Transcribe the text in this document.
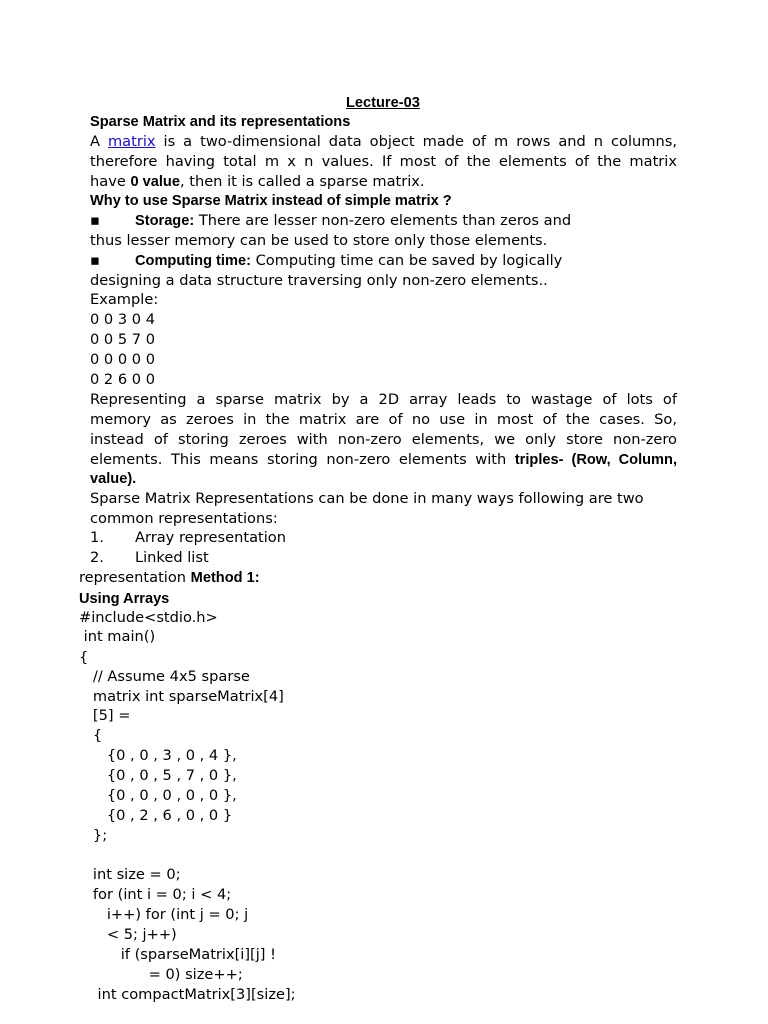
Lecture-03
Sparse Matrix and its representations
A matrix is a two-dimensional data object made of m rows and n columns,
therefore having total m x n values. If most of the elements of the matrix
have 0 value, then it is called a sparse matrix.
Why to use Sparse Matrix instead of simple matrix ?
▪ Storage: There are lesser non-zero elements than zeros and
thus lesser memory can be used to store only those elements.
▪ Computing time: Computing time can be saved by logically
designing a data structure traversing only non-zero elements..
Example:
0 0 3 0 4
0 0 5 7 0
0 0 0 0 0
0 2 6 0 0
Representing a sparse matrix by a 2D array leads to wastage of lots of
memory as zeroes in the matrix are of no use in most of the cases. So,
instead of storing zeroes with non-zero elements, we only store non-zero
elements. This means storing non-zero elements with triples- (Row, Column,
value).
Sparse Matrix Representations can be done in many ways following are two
common representations:
1. Array representation
2. Linked list
representation Method 1:
Using Arrays
#include<stdio.h>
int main()
{
// Assume 4x5 sparse
matrix int sparseMatrix[4]
[5] =
{
{0 , 0 , 3 , 0 , 4 },
{0 , 0 , 5 , 7 , 0 },
{0 , 0 , 0 , 0 , 0 },
{0 , 2 , 6 , 0 , 0 }
};
int size = 0;
for (int i = 0; i < 4;
i++) for (int j = 0; j
< 5; j++)
if (sparseMatrix[i][j] !
= 0) size++;
int compactMatrix[3][size];
